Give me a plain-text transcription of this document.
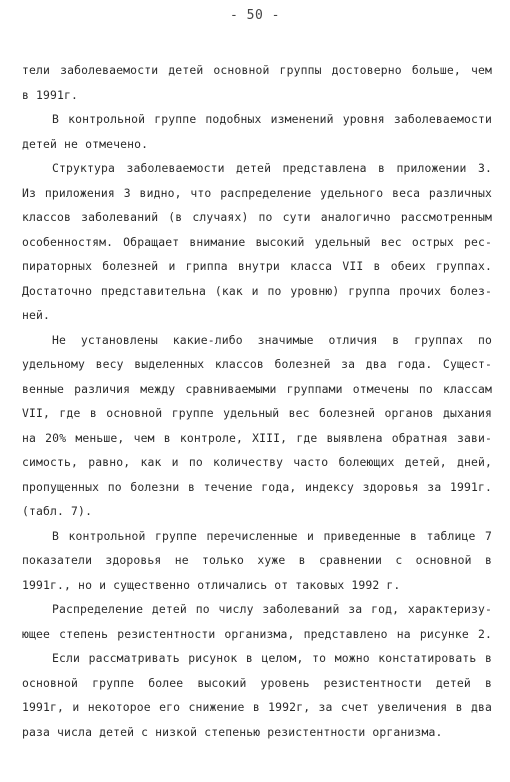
- 50 -
тели заболеваемости детей основной группы достоверно больше, чем
в 1991г.
В контрольной группе подобных изменений уровня заболеваемости
детей не отмечено.
Структура заболеваемости детей представлена в приложении 3.
Из приложения 3 видно, что распределение удельного веса различных
классов заболеваний (в случаях) по сути аналогично рассмотренным
особенностям. Обращает внимание высокий удельный вес острых рес-
пираторных болезней и гриппа внутри класса VII в обеих группах.
Достаточно представительна (как и по уровню) группа прочих болез-
ней.
Не установлены какие-либо значимые отличия в группах по
удельному весу выделенных классов болезней за два года. Сущест-
венные различия между сравниваемыми группами отмечены по классам
VII, где в основной группе удельный вес болезней органов дыхания
на 20% меньше, чем в контроле, XIII, где выявлена обратная зави-
симость, равно, как и по количеству часто болеющих детей, дней,
пропущенных по болезни в течение года, индексу здоровья за 1991г.
(табл. 7).
В контрольной группе перечисленные и приведенные в таблице 7
показатели здоровья не только хуже в сравнении с основной в
1991г., но и существенно отличались от таковых 1992 г.
Распределение детей по числу заболеваний за год, характеризу-
ющее степень резистентности организма, представлено на рисунке 2.
Если рассматривать рисунок в целом, то можно констатировать в
основной группе более высокий уровень резистентности детей в
1991г, и некоторое его снижение в 1992г, за счет увеличения в два
раза числа детей с низкой степенью резистентности организма.
